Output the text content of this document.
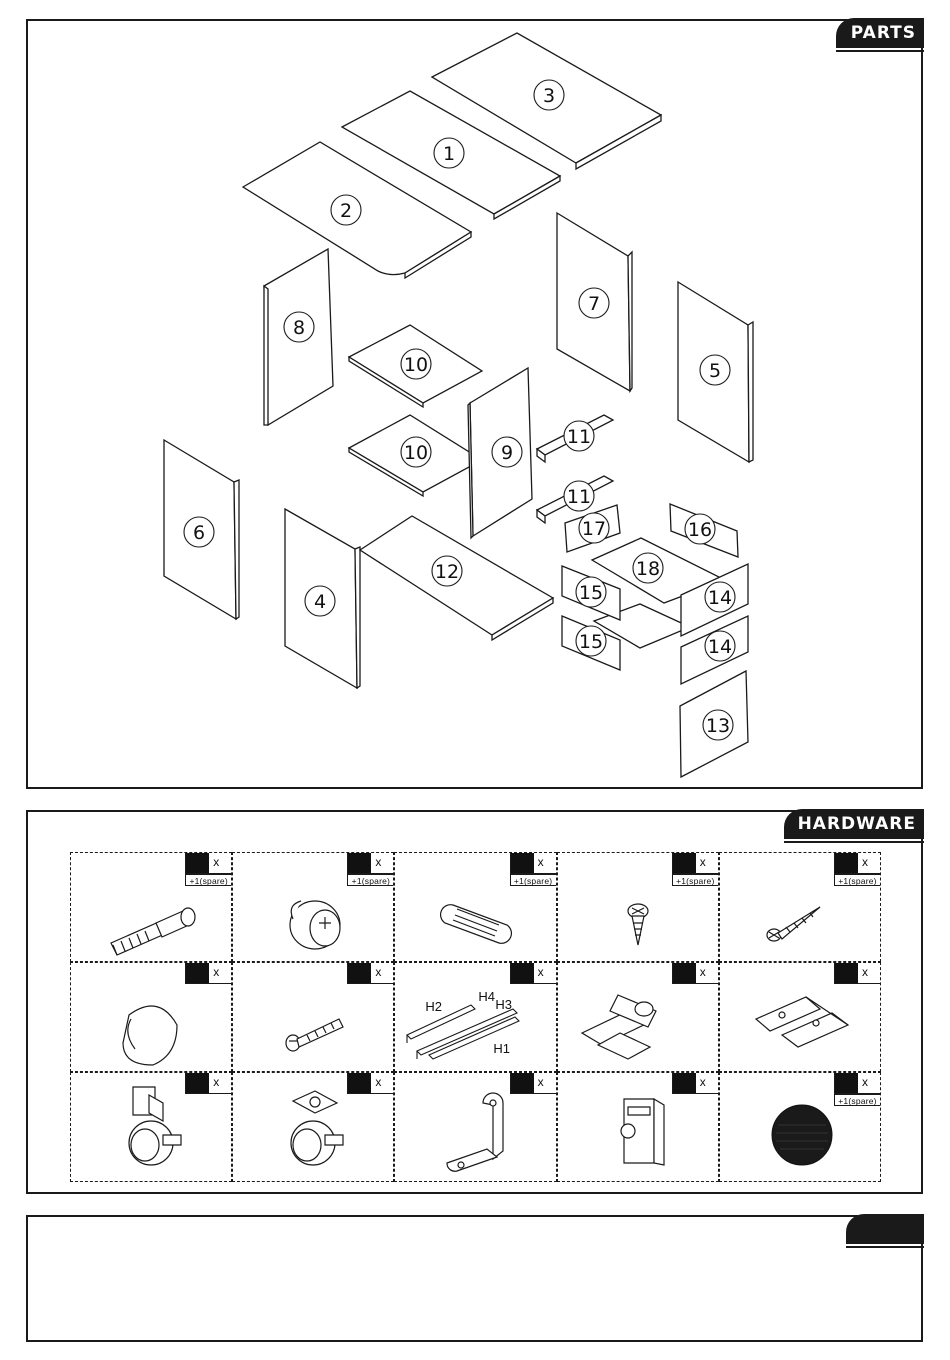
PARTS
1
2
3
4
5
6
7
8
9
10
10
11
11
12
13
14
14
15
15
16
17
18
HARDWARE
x
+1(spare)
x
+1(spare)
x
+1(spare)
x
+1(spare)
x
+1(spare)
x	x
H2
H4
H3
H1
x	x	x
x	x	x	x	x
+1(spare)
